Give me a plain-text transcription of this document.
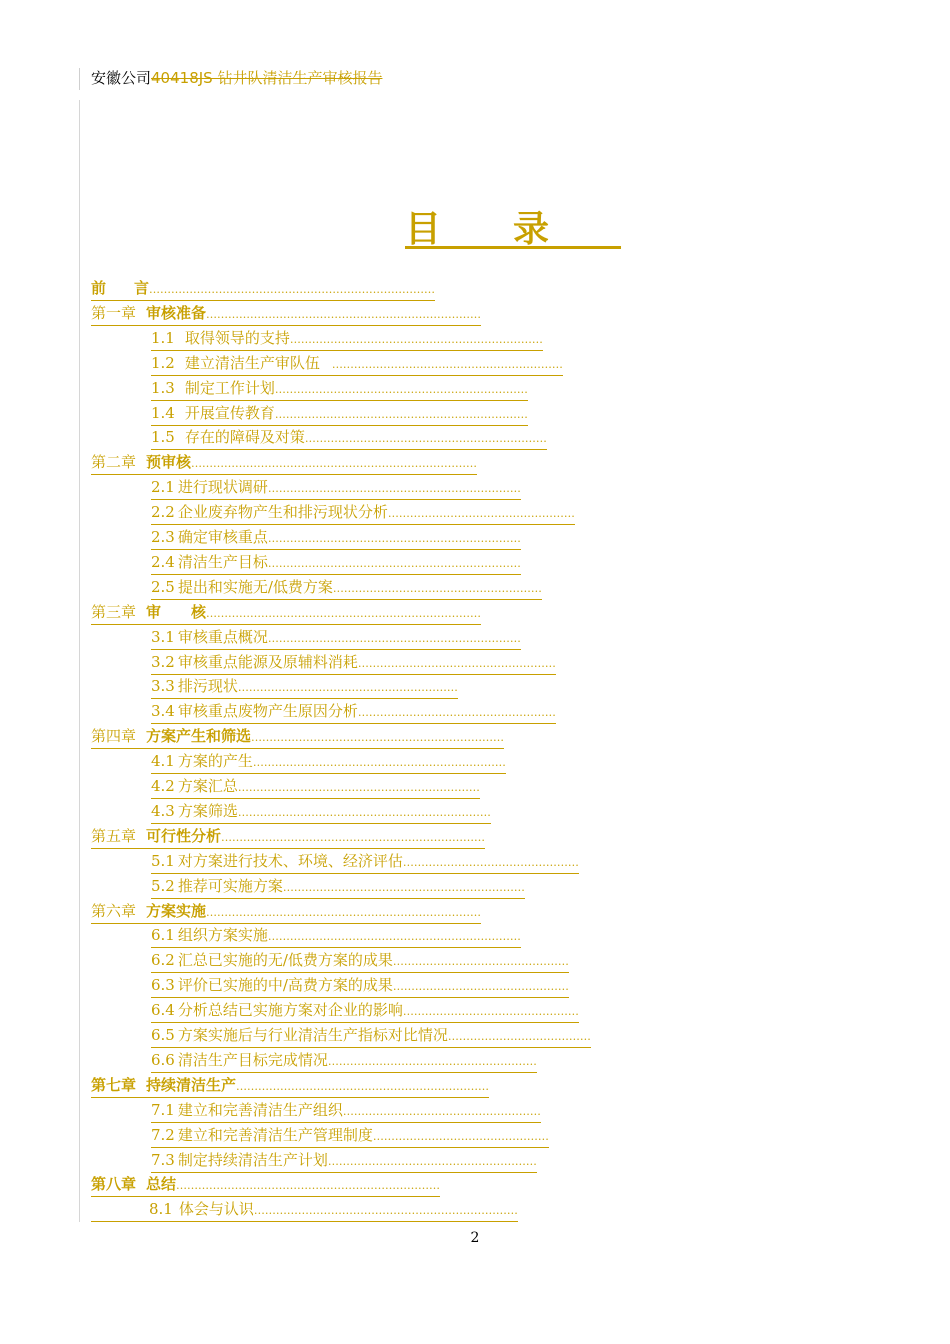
安徽公司40418JS 钻井队清洁生产审核报告
目录
前 言……………………………………………………………………
第一章 审核准备…………………………………………………………………
1.1 取得领导的支持……………………………………………………………
1.2 建立清洁生产审队伍 ………………………………………………………
1.3 制定工作计划……………………………………………………………
1.4 开展宣传教育……………………………………………………………
1.5 存在的障碍及对策…………………………………………………………
第二章 预审核……………………………………………………………………
2.1 进行现状调研……………………………………………………………
2.2 企业废弃物产生和排污现状分析……………………………………………
2.3 确定审核重点……………………………………………………………
2.4 清洁生产目标……………………………………………………………
2.5 提出和实施无/低费方案…………………………………………………
第三章 审 核…………………………………………………………………
3.1 审核重点概况……………………………………………………………
3.2 审核重点能源及原辅料消耗………………………………………………
3.3 排污现状……………………………………………………
3.4 审核重点废物产生原因分析………………………………………………
第四章 方案产生和筛选……………………………………………………………
4.1 方案的产生……………………………………………………………
4.2 方案汇总…………………………………………………………
4.3 方案筛选……………………………………………………………
第五章 可行性分析………………………………………………………………
5.1 对方案进行技术、环境、经济评估…………………………………………
5.2 推荐可实施方案…………………………………………………………
第六章 方案实施…………………………………………………………………
6.1 组织方案实施……………………………………………………………
6.2 汇总已实施的无/低费方案的成果…………………………………………
6.3 评价已实施的中/高费方案的成果…………………………………………
6.4 分析总结已实施方案对企业的影响…………………………………………
6.5 方案实施后与行业清洁生产指标对比情况…………………………………
6.6 清洁生产目标完成情况…………………………………………………
第七章 持续清洁生产……………………………………………………………
7.1 建立和完善清洁生产组织………………………………………………
7.2 建立和完善清洁生产管理制度…………………………………………
7.3 制定持续清洁生产计划…………………………………………………
第八章 总结………………………………………………………………
8.1 体会与认识………………………………………………………………
2
